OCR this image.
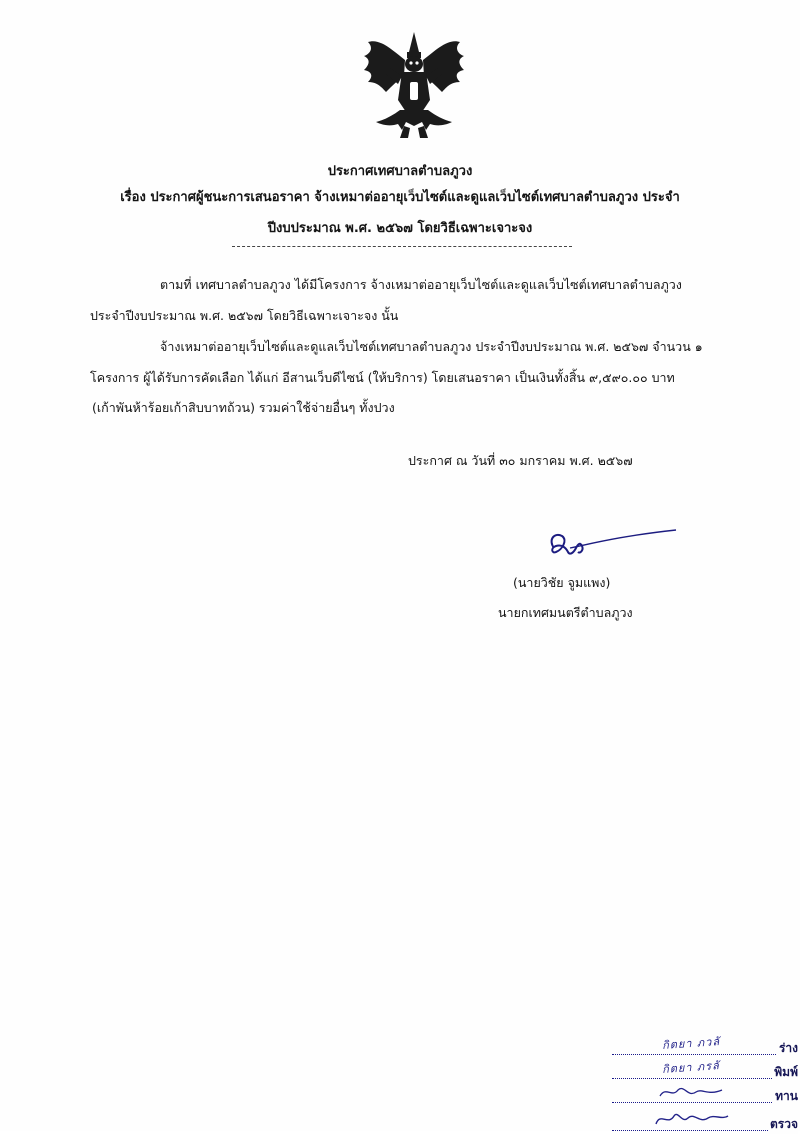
ประกาศเทศบาลตำบลภูวง
เรื่อง ประกาศผู้ชนะการเสนอราคา จ้างเหมาต่ออายุเว็บไซต์และดูแลเว็บไซต์เทศบาลตำบลภูวง ประจำ
ปีงบประมาณ พ.ศ. ๒๕๖๗ โดยวิธีเฉพาะเจาะจง
ตามที่ เทศบาลตำบลภูวง ได้มีโครงการ จ้างเหมาต่ออายุเว็บไซต์และดูแลเว็บไซต์เทศบาลตำบลภูวง
ประจำปีงบประมาณ พ.ศ. ๒๕๖๗ โดยวิธีเฉพาะเจาะจง นั้น
จ้างเหมาต่ออายุเว็บไซต์และดูแลเว็บไซต์เทศบาลตำบลภูวง ประจำปีงบประมาณ พ.ศ. ๒๕๖๗ จำนวน ๑
โครงการ ผู้ได้รับการคัดเลือก ได้แก่ อีสานเว็บดีไซน์ (ให้บริการ) โดยเสนอราคา เป็นเงินทั้งสิ้น ๙,๕๙๐.๐๐ บาท
(เก้าพันห้าร้อยเก้าสิบบาทถ้วน) รวมค่าใช้จ่ายอื่นๆ ทั้งปวง
ประกาศ ณ วันที่ ๓๐ มกราคม พ.ศ. ๒๕๖๗
(นายวิชัย จูมแพง)
นายกเทศมนตรีตำบลภูวง
กิตยา ภวลั	ร่าง
กิตยา ภรลั	พิมพ์
ทาน
ตรวจ
